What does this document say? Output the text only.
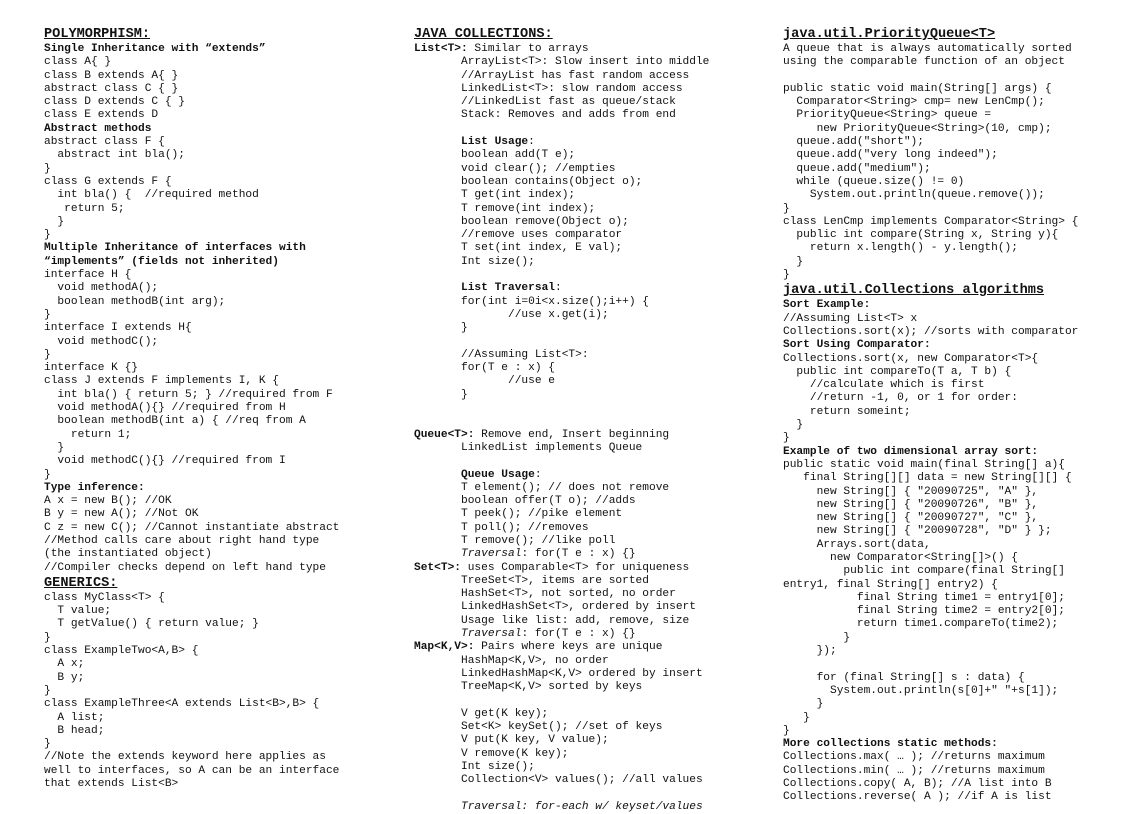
POLYMORPHISM:
Single Inheritance with “extends”
class A{ }
class B extends A{ }
abstract class C { }
class D extends C { }
class E extends D
Abstract methods
abstract class F {
abstract int bla();
}
class G extends F {
int bla() {  //required method
return 5;
}
}
Multiple Inheritance of interfaces with
“implements” (fields not inherited)
interface H {
void methodA();
boolean methodB(int arg);
}
interface I extends H{
void methodC();
}
interface K {}
class J extends F implements I, K {
int bla() { return 5; } //required from F
void methodA(){} //required from H
boolean methodB(int a) { //req from A
return 1;
}
void methodC(){} //required from I
}
Type inference:
A x = new B(); //OK
B y = new A(); //Not OK
C z = new C(); //Cannot instantiate abstract
//Method calls care about right hand type
(the instantiated object)
//Compiler checks depend on left hand type
GENERICS:
class MyClass<T> {
T value;
T getValue() { return value; }
}
class ExampleTwo<A,B> {
A x;
B y;
}
class ExampleThree<A extends List<B>,B> {
A list;
B head;
}
//Note the extends keyword here applies as
well to interfaces, so A can be an interface
that extends List<B>
JAVA COLLECTIONS:
List<T>: Similar to arrays
ArrayList<T>: Slow insert into middle
//ArrayList has fast random access
LinkedList<T>: slow random access
//LinkedList fast as queue/stack
Stack: Removes and adds from end
List Usage:
boolean add(T e);
void clear(); //empties
boolean contains(Object o);
T get(int index);
T remove(int index);
boolean remove(Object o);
//remove uses comparator
T set(int index, E val);
Int size();
List Traversal:
for(int i=0i<x.size();i++) {
//use x.get(i);
}
//Assuming List<T>:
for(T e : x) {
//use e
}
Queue<T>: Remove end, Insert beginning
LinkedList implements Queue
Queue Usage:
T element(); // does not remove
boolean offer(T o); //adds
T peek(); //pike element
T poll(); //removes
T remove(); //like poll
Traversal: for(T e : x) {}
Set<T>: uses Comparable<T> for uniqueness
TreeSet<T>, items are sorted
HashSet<T>, not sorted, no order
LinkedHashSet<T>, ordered by insert
Usage like list: add, remove, size
Traversal: for(T e : x) {}
Map<K,V>: Pairs where keys are unique
HashMap<K,V>, no order
LinkedHashMap<K,V> ordered by insert
TreeMap<K,V> sorted by keys
V get(K key);
Set<K> keySet(); //set of keys
V put(K key, V value);
V remove(K key);
Int size();
Collection<V> values(); //all values
Traversal: for-each w/ keyset/values
java.util.PriorityQueue<T>
A queue that is always automatically sorted
using the comparable function of an object
public static void main(String[] args) {
Comparator<String> cmp= new LenCmp();
PriorityQueue<String> queue =
new PriorityQueue<String>(10, cmp);
queue.add("short");
queue.add("very long indeed");
queue.add("medium");
while (queue.size() != 0)
System.out.println(queue.remove());
}
class LenCmp implements Comparator<String> {
public int compare(String x, String y){
return x.length() - y.length();
}
}
java.util.Collections algorithms
Sort Example:
//Assuming List<T> x
Collections.sort(x); //sorts with comparator
Sort Using Comparator:
Collections.sort(x, new Comparator<T>{
public int compareTo(T a, T b) {
//calculate which is first
//return -1, 0, or 1 for order:
return someint;
}
}
Example of two dimensional array sort:
public static void main(final String[] a){
final String[][] data = new String[][] {
new String[] { "20090725", "A" },
new String[] { "20090726", "B" },
new String[] { "20090727", "C" },
new String[] { "20090728", "D" } };
Arrays.sort(data,
new Comparator<String[]>() {
public int compare(final String[]
entry1, final String[] entry2) {
final String time1 = entry1[0];
final String time2 = entry2[0];
return time1.compareTo(time2);
}
});
for (final String[] s : data) {
System.out.println(s[0]+" "+s[1]);
}
}
}
More collections static methods:
Collections.max( … ); //returns maximum
Collections.min( … ); //returns maximum
Collections.copy( A, B); //A list into B
Collections.reverse( A ); //if A is list
